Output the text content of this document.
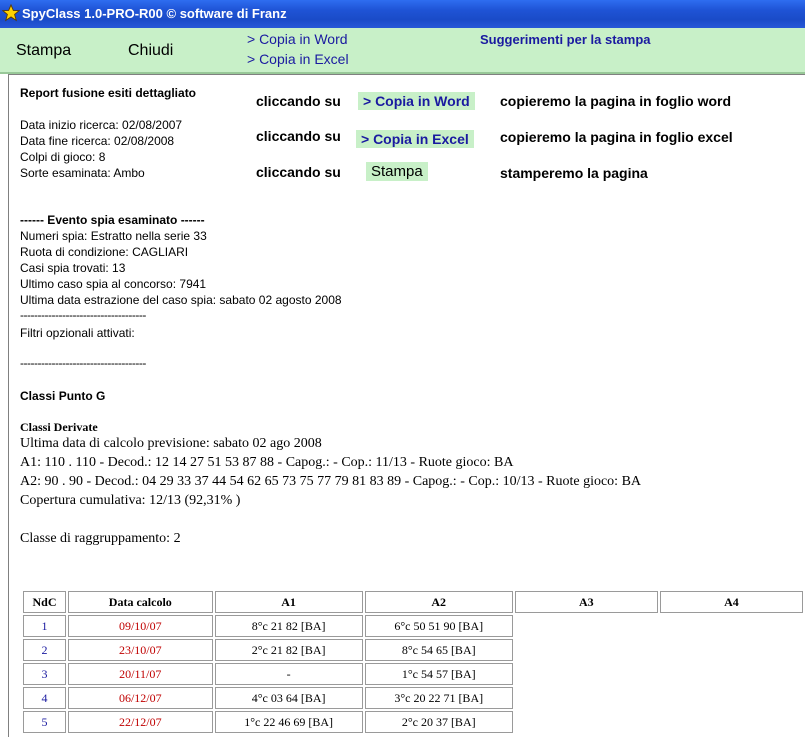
SpyClass 1.0-PRO-R00 © software di Franz
Stampa	Chiudi
> Copia in Word
> Copia in Excel
Suggerimenti per la stampa
Report fusione esiti dettagliato
Data inizio ricerca: 02/08/2007
Data fine ricerca: 02/08/2008
Colpi di gioco: 8
Sorte esaminata: Ambo
cliccando su	> Copia in Word	copieremo la pagina in foglio word
cliccando su	> Copia in Excel	copieremo la pagina in foglio excel
cliccando su	Stampa	stamperemo la pagina
------ Evento spia esaminato ------
Numeri spia: Estratto nella serie 33
Ruota di condizione: CAGLIARI
Casi spia trovati: 13
Ultimo caso spia al concorso: 7941
Ultima data estrazione del caso spia: sabato 02 agosto 2008
------------------------------------
Filtri opzionali attivati:
------------------------------------
Classi Punto G
Classi Derivate
Ultima data di calcolo previsione: sabato 02 ago 2008
A1: 110 . 110 - Decod.: 12 14 27 51 53 87 88 - Capog.: - Cop.: 11/13 - Ruote gioco: BA
A2: 90 . 90 - Decod.: 04 29 33 37 44 54 62 65 73 75 77 79 81 83 89 - Capog.: - Cop.: 10/13 - Ruote gioco: BA
Copertura cumulativa: 12/13 (92,31% )
Classe di raggruppamento: 2
NdC	Data calcolo	A1	A2	A3	A4
1	09/10/07	8°c 21 82 [BA]	6°c 50 51 90 [BA]		
2	23/10/07	2°c 21 82 [BA]	8°c 54 65 [BA]		
3	20/11/07	-	1°c 54 57 [BA]		
4	06/12/07	4°c 03 64 [BA]	3°c 20 22 71 [BA]		
5	22/12/07	1°c 22 46 69 [BA]	2°c 20 37 [BA]		
